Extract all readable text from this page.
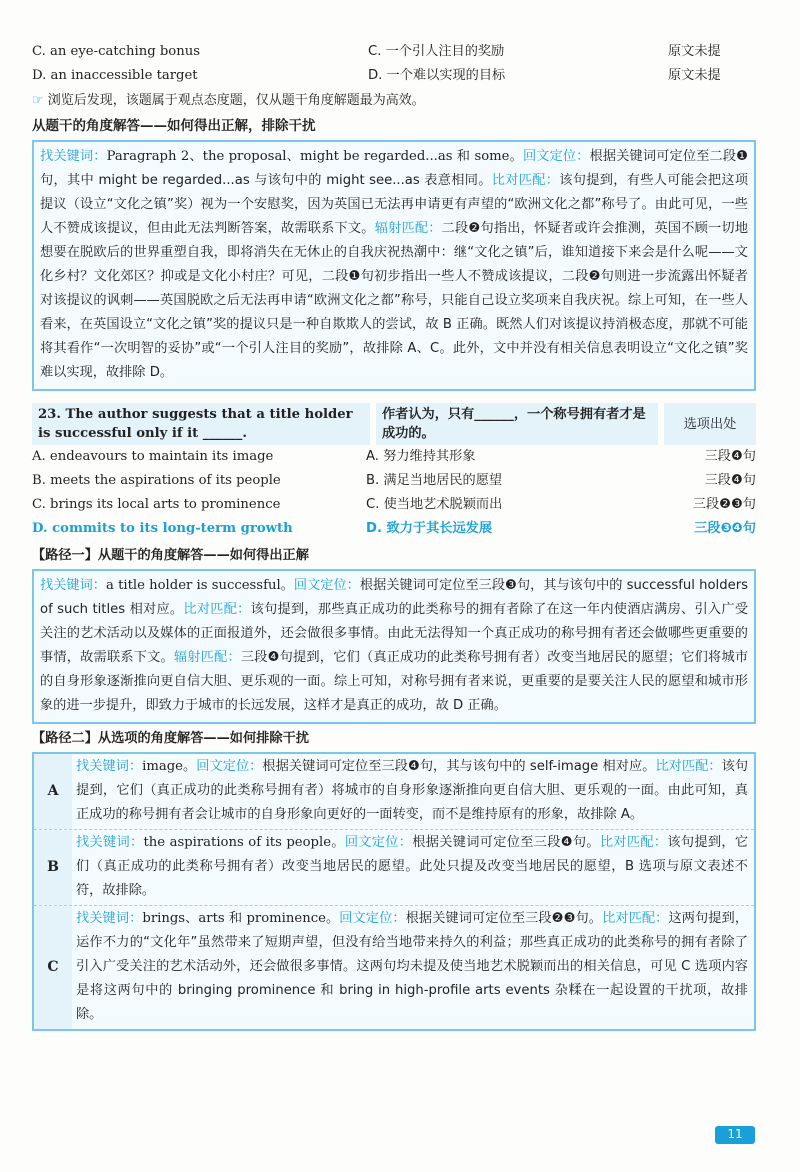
C. an eye-catching bonus	C. 一个引人注目的奖励	原文未提
D. an inaccessible target	D. 一个难以实现的目标	原文未提
☞ 浏览后发现，该题属于观点态度题，仅从题干角度解题最为高效。
从题干的角度解答——如何得出正解，排除干扰
找关键词：Paragraph 2、the proposal、might be regarded...as 和 some。回文定位：根据关键词可定位至二段❶句，其中 might be regarded...as 与该句中的 might see...as 表意相同。比对匹配：该句提到，有些人可能会把这项提议（设立“文化之镇”奖）视为一个安慰奖，因为英国已无法再申请更有声望的“欧洲文化之都”称号了。由此可见，一些人不赞成该提议，但由此无法判断答案，故需联系下文。辐射匹配：二段❷句指出，怀疑者或许会推测，英国不顾一切地想要在脱欧后的世界重塑自我，即将消失在无休止的自我庆祝热潮中：继“文化之镇”后，谁知道接下来会是什么呢——文化乡村？文化郊区？抑或是文化小村庄？可见，二段❶句初步指出一些人不赞成该提议，二段❷句则进一步流露出怀疑者对该提议的讽刺——英国脱欧之后无法再申请“欧洲文化之都”称号，只能自己设立奖项来自我庆祝。综上可知，在一些人看来，在英国设立“文化之镇”奖的提议只是一种自欺欺人的尝试，故 B 正确。既然人们对该提议持消极态度，那就不可能将其看作“一次明智的妥协”或“一个引人注目的奖励”，故排除 A、C。此外，文中并没有相关信息表明设立“文化之镇”奖难以实现，故排除 D。
23. The author suggests that a title holder is successful only if it ______.
作者认为，只有______，一个称号拥有者才是成功的。
选项出处
A. endeavours to maintain its image	A. 努力维持其形象	三段❹句
B. meets the aspirations of its people	B. 满足当地居民的愿望	三段❹句
C. brings its local arts to prominence	C. 使当地艺术脱颖而出	三段❷❸句
D. commits to its long-term growth	D. 致力于其长远发展	三段❸❹句
【路径一】从题干的角度解答——如何得出正解
找关键词：a title holder is successful。回文定位：根据关键词可定位至三段❸句，其与该句中的 successful holders of such titles 相对应。比对匹配：该句提到，那些真正成功的此类称号的拥有者除了在这一年内使酒店满房、引入广受关注的艺术活动以及媒体的正面报道外，还会做很多事情。由此无法得知一个真正成功的称号拥有者还会做哪些更重要的事情，故需联系下文。辐射匹配：三段❹句提到，它们（真正成功的此类称号拥有者）改变当地居民的愿望；它们将城市的自身形象逐渐推向更自信大胆、更乐观的一面。综上可知，对称号拥有者来说，更重要的是要关注人民的愿望和城市形象的进一步提升，即致力于城市的长远发展，这样才是真正的成功，故 D 正确。
【路径二】从选项的角度解答——如何排除干扰
A
找关键词：image。回文定位：根据关键词可定位至三段❹句，其与该句中的 self-image 相对应。比对匹配：该句提到，它们（真正成功的此类称号拥有者）将城市的自身形象逐渐推向更自信大胆、更乐观的一面。由此可知，真正成功的称号拥有者会让城市的自身形象向更好的一面转变，而不是维持原有的形象，故排除 A。
B
找关键词：the aspirations of its people。回文定位：根据关键词可定位至三段❹句。比对匹配：该句提到，它们（真正成功的此类称号拥有者）改变当地居民的愿望。此处只提及改变当地居民的愿望，B 选项与原文表述不符，故排除。
C
找关键词：brings、arts 和 prominence。回文定位：根据关键词可定位至三段❷❸句。比对匹配：这两句提到，运作不力的“文化年”虽然带来了短期声望，但没有给当地带来持久的利益；那些真正成功的此类称号的拥有者除了引入广受关注的艺术活动外，还会做很多事情。这两句均未提及使当地艺术脱颖而出的相关信息，可见 C 选项内容是将这两句中的 bringing prominence 和 bring in high-profile arts events 杂糅在一起设置的干扰项，故排除。
11
